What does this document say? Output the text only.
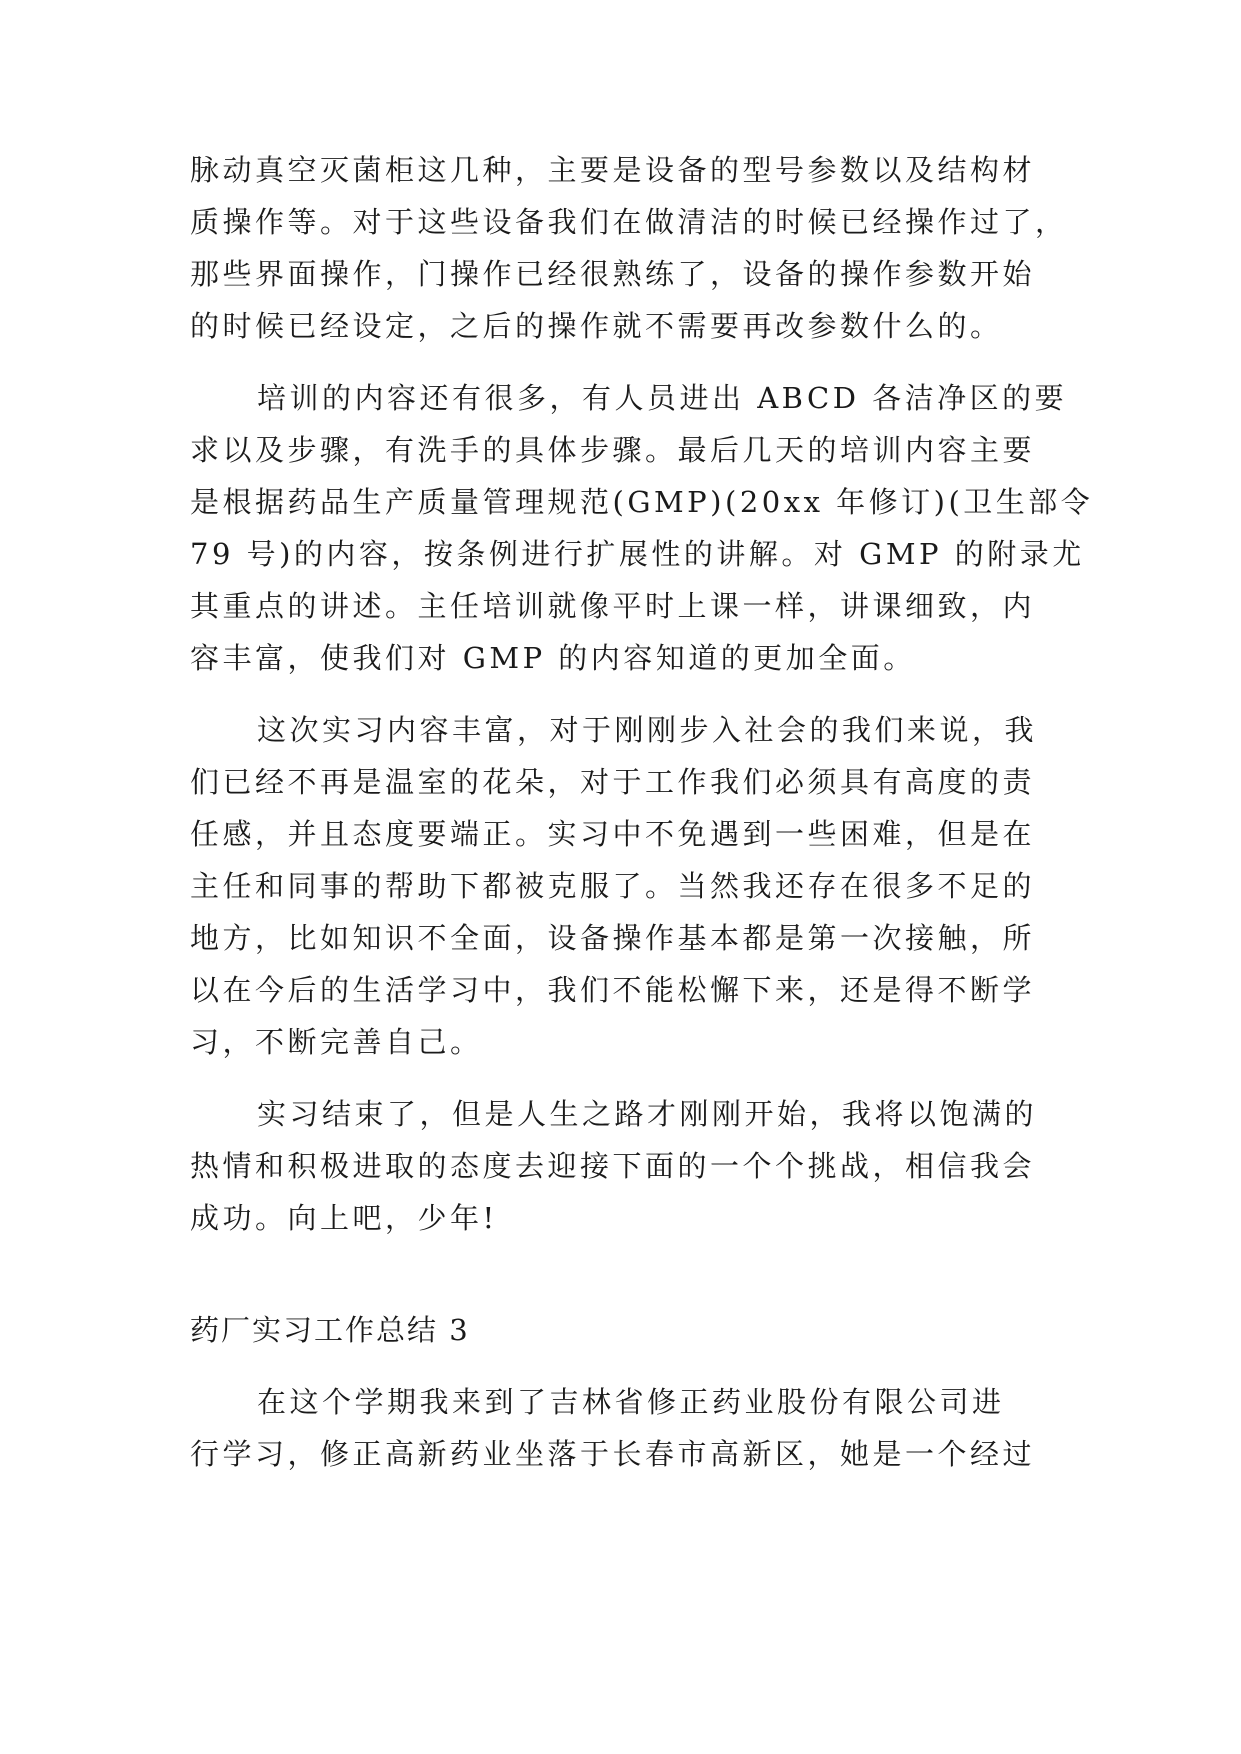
脉动真空灭菌柜这几种，主要是设备的型号参数以及结构材
质操作等。对于这些设备我们在做清洁的时候已经操作过了，
那些界面操作，门操作已经很熟练了，设备的操作参数开始
的时候已经设定，之后的操作就不需要再改参数什么的。
培训的内容还有很多，有人员进出 ABCD 各洁净区的要
求以及步骤，有洗手的具体步骤。最后几天的培训内容主要
是根据药品生产质量管理规范(GMP)(20xx 年修订)(卫生部令
79 号)的内容，按条例进行扩展性的讲解。对 GMP 的附录尤
其重点的讲述。主任培训就像平时上课一样，讲课细致，内
容丰富，使我们对 GMP 的内容知道的更加全面。
这次实习内容丰富，对于刚刚步入社会的我们来说，我
们已经不再是温室的花朵，对于工作我们必须具有高度的责
任感，并且态度要端正。实习中不免遇到一些困难，但是在
主任和同事的帮助下都被克服了。当然我还存在很多不足的
地方，比如知识不全面，设备操作基本都是第一次接触，所
以在今后的生活学习中，我们不能松懈下来，还是得不断学
习，不断完善自己。
实习结束了，但是人生之路才刚刚开始，我将以饱满的
热情和积极进取的态度去迎接下面的一个个挑战，相信我会
成功。向上吧，少年!
药厂实习工作总结 3
在这个学期我来到了吉林省修正药业股份有限公司进
行学习，修正高新药业坐落于长春市高新区，她是一个经过
